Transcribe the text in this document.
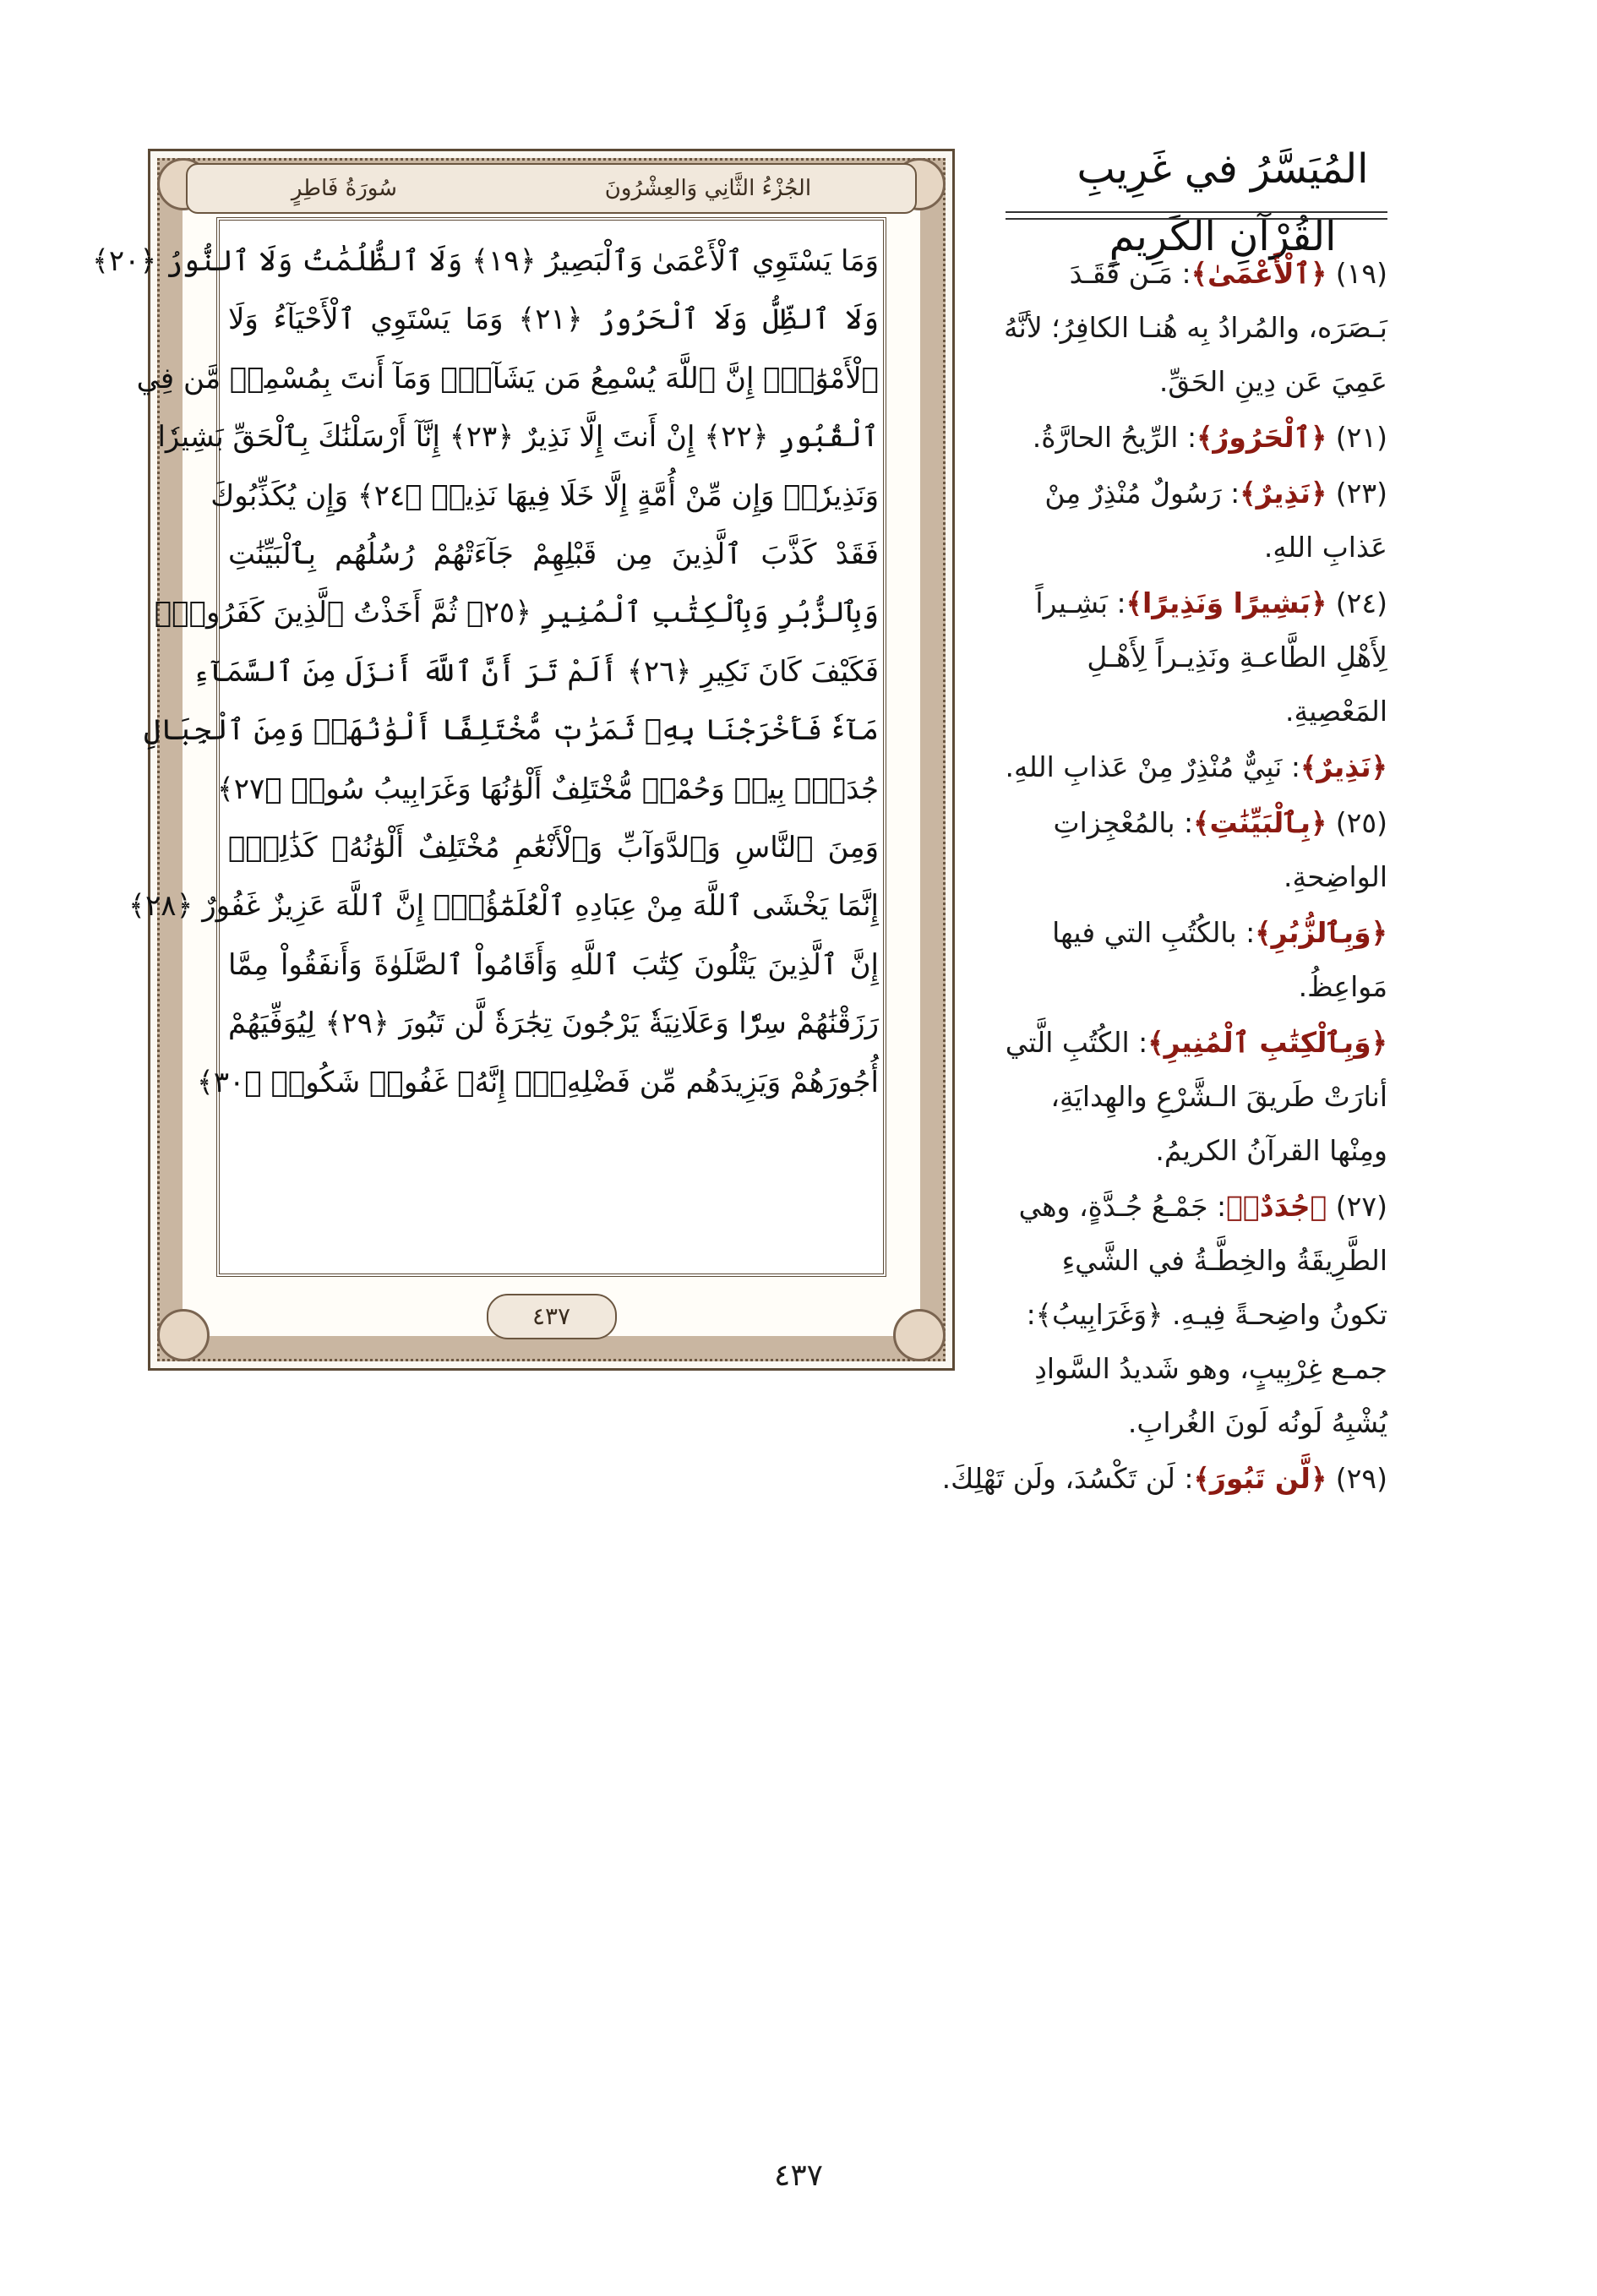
المُيَسَّرُ في غَرِيبِ القُرْآنِ الكَرِيمِ
(١٩) ﴿ٱلْأَعْمَىٰ﴾: مَـن فَقَـدَ بَـصَرَه، والمُرادُ بِه هُنـا الكافِرُ؛ لأنَّهُ عَمِيَ عَن دِينِ الحَقِّ.
(٢١) ﴿ٱلْحَرُورُ﴾: الرِّيحُ الحارَّةُ.
(٢٣) ﴿نَذِيرٌ﴾: رَسُولٌ مُنْذِرٌ مِنْ عَذابِ اللهِ.
(٢٤) ﴿بَشِيرًا وَنَذِيرًا﴾: بَشِـيراً لِأَهْلِ الطَّاعـةِ ونَذِيـراً لِأَهْـلِ المَعْصِيةِ.
﴿نَذِيرٌ﴾: نَبِيٌّ مُنْذِرٌ مِنْ عَذابِ اللهِ.
(٢٥) ﴿بِٱلْبَيِّنَٰتِ﴾: بالمُعْجِزاتِ الواضِحةِ.
﴿وَبِٱلزُّبُرِ﴾: بالكُتُبِ التي فيها مَواعِظُ.
﴿وَبِٱلْكِتَٰبِ ٱلْمُنِيرِ﴾: الكُتُبِ الَّتي أنارَتْ طَريقَ الـشَّرْعِ والهِدايَةِ، ومِنْها القرآنُ الكريمُ.
(٢٧) ﴿جُدَدٌۢ﴾: جَمْـعُ جُـدَّةٍ، وهي الطَّرِيقَةُ والخِطَّـةُ في الشَّيءِ تكونُ واضِحـةً فِيـهِ. ﴿وَغَرَابِيبُ﴾: جمـع غِرْبِيبٍ، وهو شَديدُ السَّوادِ يُشْبِهُ لَونُه لَونَ الغُرابِ.
(٢٩) ﴿لَّن تَبُورَ﴾: لَن تَكْسُدَ، ولَن تَهْلِكَ.
الجُزْءُ الثَّانِي وَالعِشْرُونَ
سُورَةُ فَاطِرٍ
وَمَا يَسْتَوِي ٱلْأَعْمَىٰ وَٱلْبَصِيرُ ﴿١٩﴾ وَلَا ٱلظُّلُمَٰتُ وَلَا ٱلنُّورُ ﴿٢٠﴾
وَلَا ٱلظِّلُّ وَلَا ٱلْحَرُورُ ﴿٢١﴾ وَمَا يَسْتَوِي ٱلْأَحْيَآءُ وَلَا
ٱلْأَمْوَٰتُۚ إِنَّ ٱللَّهَ يُسْمِعُ مَن يَشَآءُۖ وَمَآ أَنتَ بِمُسْمِعٖ مَّن فِي
ٱلْقُبُورِ ﴿٢٢﴾ إِنْ أَنتَ إِلَّا نَذِيرٌ ﴿٢٣﴾ إِنَّآ أَرْسَلْنَٰكَ بِٱلْحَقِّ بَشِيرٗا
وَنَذِيرٗاۚ وَإِن مِّنْ أُمَّةٍ إِلَّا خَلَا فِيهَا نَذِيرٞ ﴿٢٤﴾ وَإِن يُكَذِّبُوكَ
فَقَدْ كَذَّبَ ٱلَّذِينَ مِن قَبْلِهِمْ جَآءَتْهُمْ رُسُلُهُم بِٱلْبَيِّنَٰتِ
وَبِٱلزُّبُرِ وَبِٱلْكِتَٰبِ ٱلْمُنِيرِ ﴿٢٥﴾ ثُمَّ أَخَذْتُ ٱلَّذِينَ كَفَرُواْۖ
فَكَيْفَ كَانَ نَكِيرِ ﴿٢٦﴾ أَلَمْ تَرَ أَنَّ ٱللَّهَ أَنزَلَ مِنَ ٱلسَّمَآءِ
مَآءٗ فَأَخْرَجْنَا بِهِۦ ثَمَرَٰتٖ مُّخْتَلِفًا أَلْوَٰنُهَاۚ وَمِنَ ٱلْجِبَالِ
جُدَدُۢ بِيضٞ وَحُمْرٞ مُّخْتَلِفٌ أَلْوَٰنُهَا وَغَرَابِيبُ سُودٞ ﴿٢٧﴾
وَمِنَ ٱلنَّاسِ وَٱلدَّوَآبِّ وَٱلْأَنْعَٰمِ مُخْتَلِفٌ أَلْوَٰنُهُۥ كَذَٰلِكَۗ
إِنَّمَا يَخْشَى ٱللَّهَ مِنْ عِبَادِهِ ٱلْعُلَمَٰٓؤُاْۗ إِنَّ ٱللَّهَ عَزِيزٌ غَفُورٌ ﴿٢٨﴾
إِنَّ ٱلَّذِينَ يَتْلُونَ كِتَٰبَ ٱللَّهِ وَأَقَامُواْ ٱلصَّلَوٰةَ وَأَنفَقُواْ مِمَّا
رَزَقْنَٰهُمْ سِرّٗا وَعَلَانِيَةٗ يَرْجُونَ تِجَٰرَةٗ لَّن تَبُورَ ﴿٢٩﴾ لِيُوَفِّيَهُمْ
أُجُورَهُمْ وَيَزِيدَهُم مِّن فَضْلِهِۦٓۚ إِنَّهُۥ غَفُورٞ شَكُورٞ ﴿٣٠﴾
٤٣٧
٤٣٧
